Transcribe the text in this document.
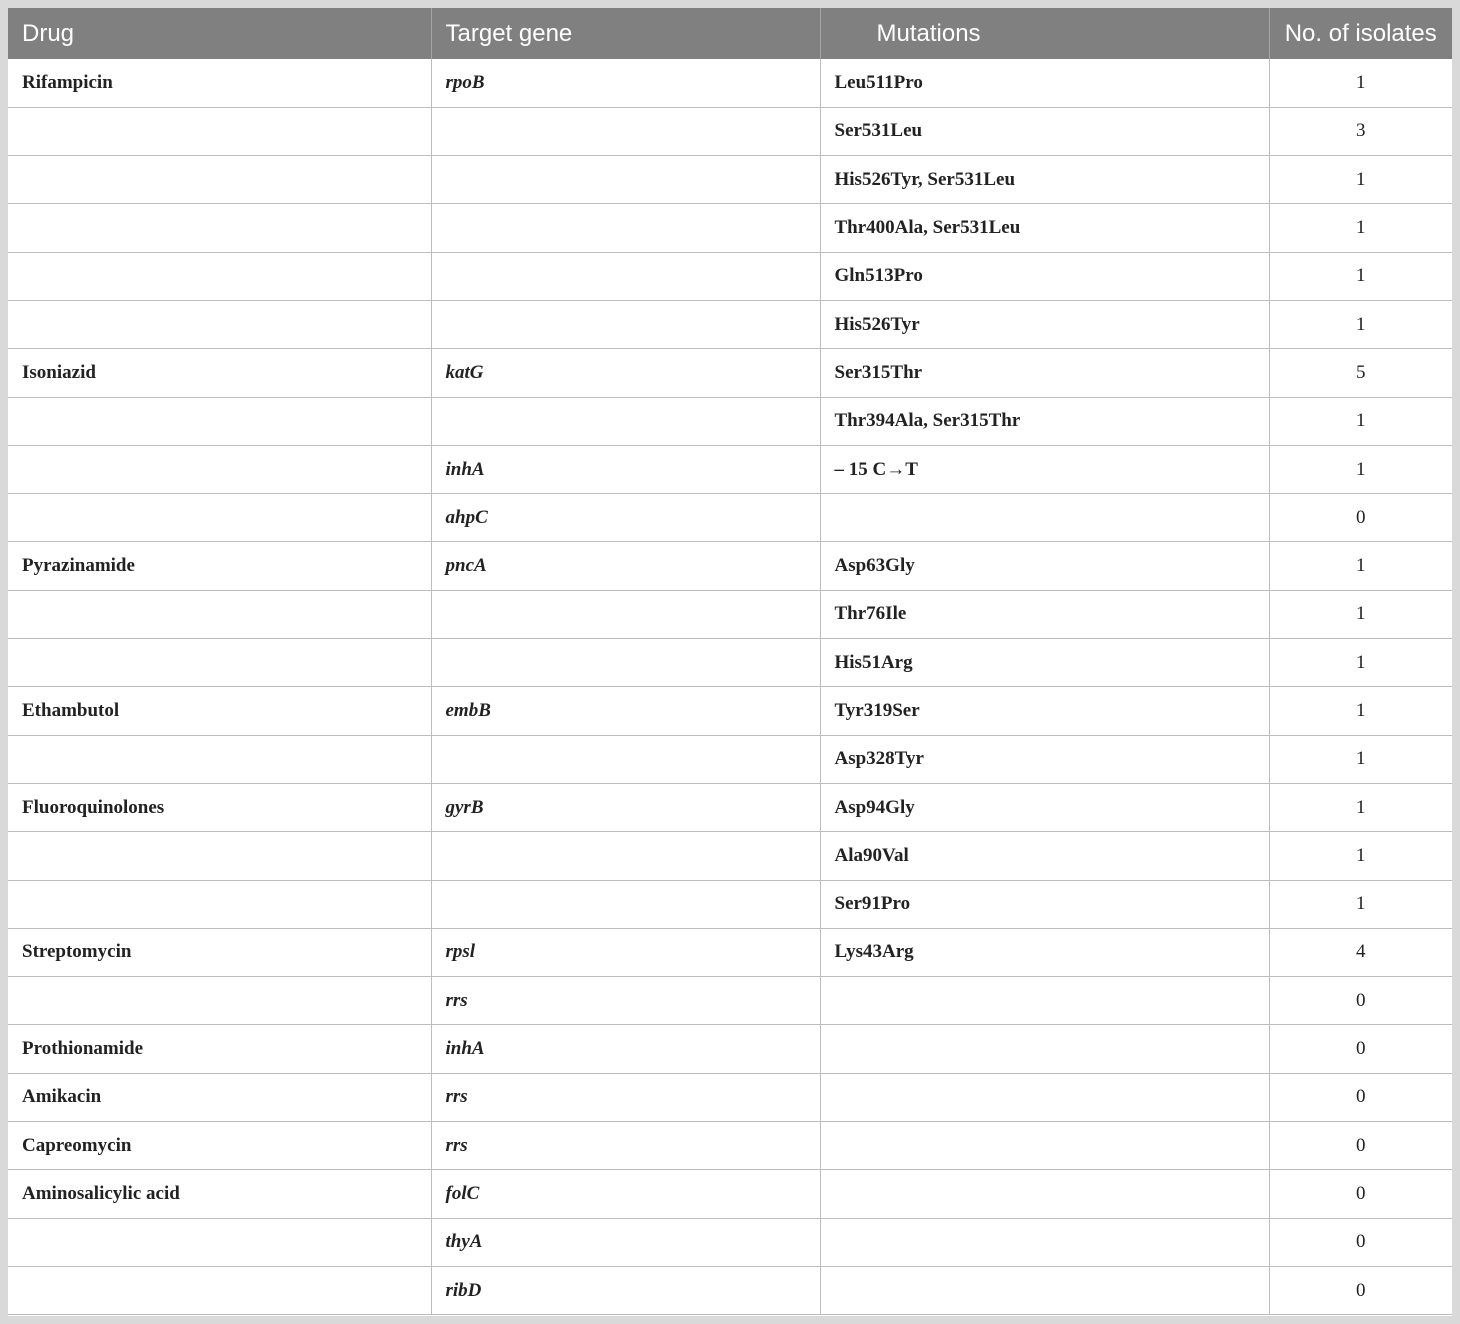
Drug	Target gene	Mutations	No. of isolates
Rifampicin	rpoB	Leu511Pro	1
		Ser531Leu	3
		His526Tyr, Ser531Leu	1
		Thr400Ala, Ser531Leu	1
		Gln513Pro	1
		His526Tyr	1
Isoniazid	katG	Ser315Thr	5
		Thr394Ala, Ser315Thr	1
	inhA	– 15 C→T	1
	ahpC		0
Pyrazinamide	pncA	Asp63Gly	1
		Thr76Ile	1
		His51Arg	1
Ethambutol	embB	Tyr319Ser	1
		Asp328Tyr	1
Fluoroquinolones	gyrB	Asp94Gly	1
		Ala90Val	1
		Ser91Pro	1
Streptomycin	rpsl	Lys43Arg	4
	rrs		0
Prothionamide	inhA		0
Amikacin	rrs		0
Capreomycin	rrs		0
Aminosalicylic acid	folC		0
	thyA		0
	ribD		0
